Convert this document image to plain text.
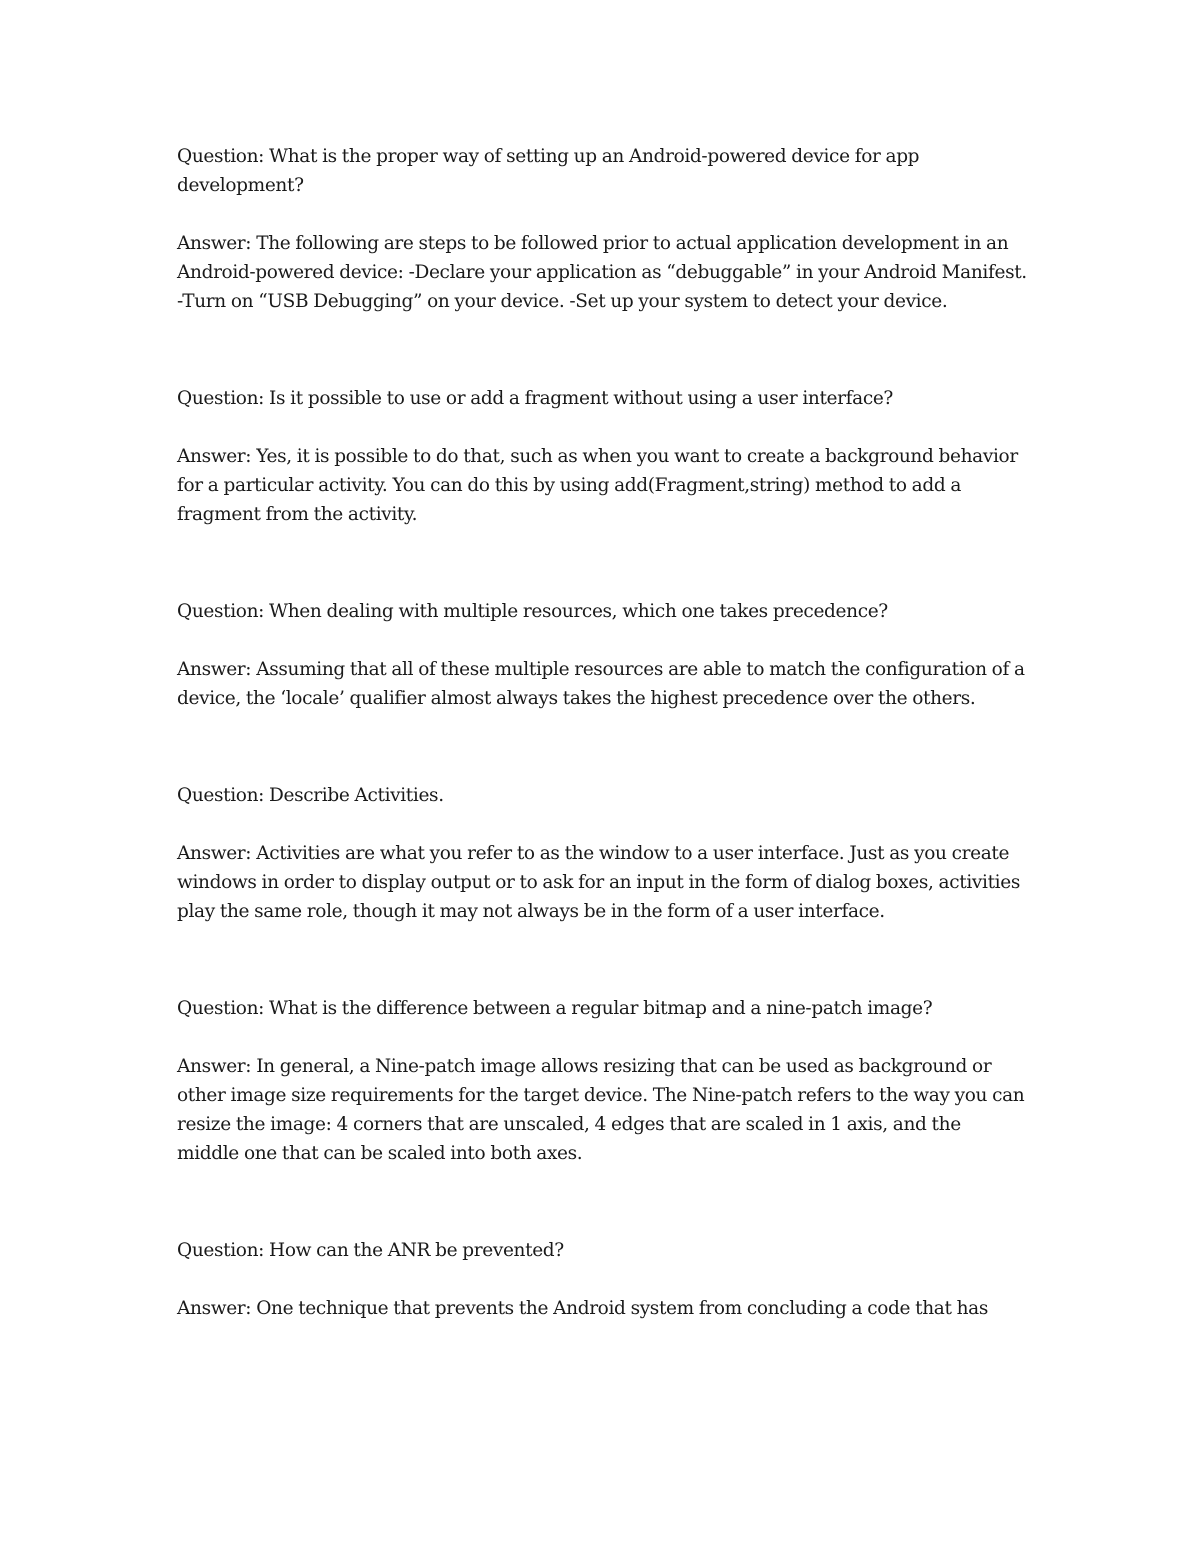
Question: What is the proper way of setting up an Android-powered device for app development?

Answer: The following are steps to be followed prior to actual application development in an Android-powered device: -Declare your application as “debuggable” in your Android Manifest. -Turn on “USB Debugging” on your device. -Set up your system to detect your device.

Question: Is it possible to use or add a fragment without using a user interface?

Answer: Yes, it is possible to do that, such as when you want to create a background behavior for a particular activity. You can do this by using add(Fragment,string) method to add a fragment from the activity.

Question: When dealing with multiple resources, which one takes precedence?

Answer: Assuming that all of these multiple resources are able to match the configuration of a device, the ‘locale’ qualifier almost always takes the highest precedence over the others.

Question: Describe Activities.

Answer: Activities are what you refer to as the window to a user interface. Just as you create windows in order to display output or to ask for an input in the form of dialog boxes, activities play the same role, though it may not always be in the form of a user interface.

Question: What is the difference between a regular bitmap and a nine-patch image?

Answer: In general, a Nine-patch image allows resizing that can be used as background or other image size requirements for the target device. The Nine-patch refers to the way you can resize the image: 4 corners that are unscaled, 4 edges that are scaled in 1 axis, and the middle one that can be scaled into both axes.

Question: How can the ANR be prevented?

Answer: One technique that prevents the Android system from concluding a code that has
